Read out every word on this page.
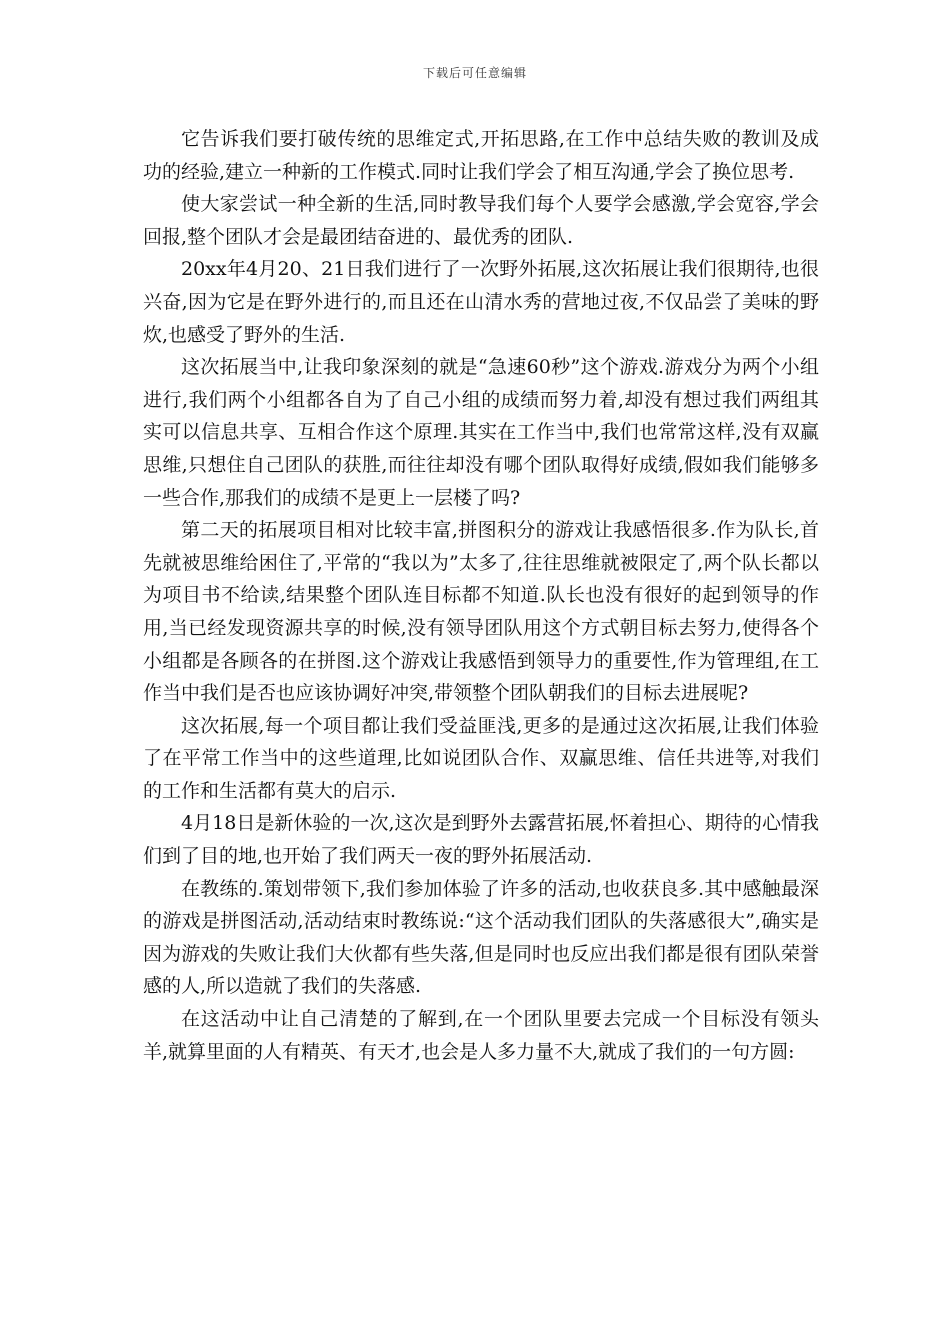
下载后可任意编辑

它告诉我们要打破传统的思维定式,开拓思路,在工作中总结失败的教训及成功的经验,建立一种新的工作模式.同时让我们学会了相互沟通,学会了换位思考.

使大家尝试一种全新的生活,同时教导我们每个人要学会感激,学会宽容,学会回报,整个团队才会是最团结奋进的、最优秀的团队.

20xx年4月20、21日我们进行了一次野外拓展,这次拓展让我们很期待,也很兴奋,因为它是在野外进行的,而且还在山清水秀的营地过夜,不仅品尝了美味的野炊,也感受了野外的生活.

这次拓展当中,让我印象深刻的就是“急速60秒”这个游戏.游戏分为两个小组进行,我们两个小组都各自为了自己小组的成绩而努力着,却没有想过我们两组其实可以信息共享、互相合作这个原理.其实在工作当中,我们也常常这样,没有双赢思维,只想住自己团队的获胜,而往往却没有哪个团队取得好成绩,假如我们能够多一些合作,那我们的成绩不是更上一层楼了吗?

第二天的拓展项目相对比较丰富,拼图积分的游戏让我感悟很多.作为队长,首先就被思维给困住了,平常的“我以为”太多了,往往思维就被限定了,两个队长都以为项目书不给读,结果整个团队连目标都不知道.队长也没有很好的起到领导的作用,当已经发现资源共享的时候,没有领导团队用这个方式朝目标去努力,使得各个小组都是各顾各的在拼图.这个游戏让我感悟到领导力的重要性,作为管理组,在工作当中我们是否也应该协调好冲突,带领整个团队朝我们的目标去进展呢?

这次拓展,每一个项目都让我们受益匪浅,更多的是通过这次拓展,让我们体验了在平常工作当中的这些道理,比如说团队合作、双赢思维、信任共进等,对我们的工作和生活都有莫大的启示.

4月18日是新休验的一次,这次是到野外去露营拓展,怀着担心、期待的心情我们到了目的地,也开始了我们两天一夜的野外拓展活动.

在教练的.策划带领下,我们参加体验了许多的活动,也收获良多.其中感触最深的游戏是拼图活动,活动结束时教练说:“这个活动我们团队的失落感很大”,确实是因为游戏的失败让我们大伙都有些失落,但是同时也反应出我们都是很有团队荣誉感的人,所以造就了我们的失落感.

在这活动中让自己清楚的了解到,在一个团队里要去完成一个目标没有领头羊,就算里面的人有精英、有天才,也会是人多力量不大,就成了我们的一句方圆:
